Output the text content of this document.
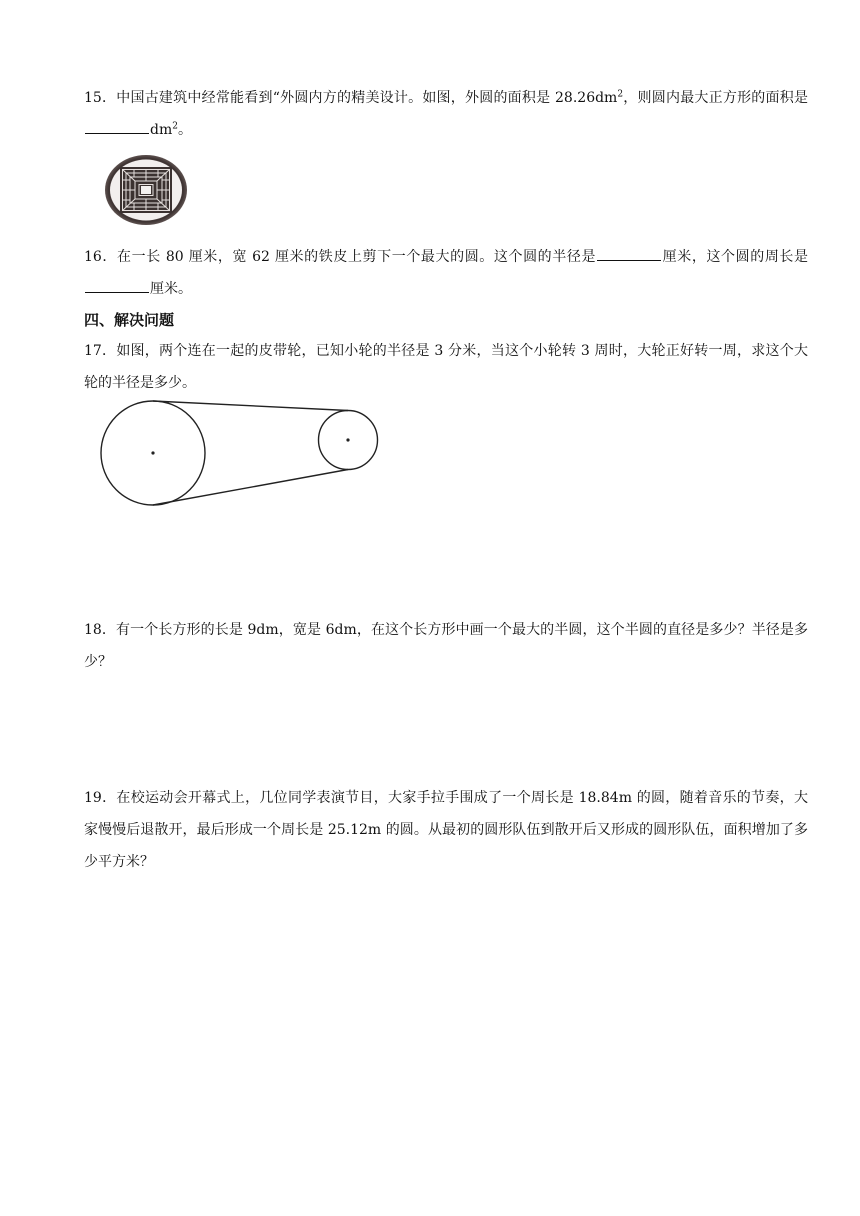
15．中国古建筑中经常能看到“外圆内方的精美设计。如图，外圆的面积是 $28.26dm^2$，则圆内最大正方形的面积是$dm^2$。
16．在一长 80 厘米，宽 62 厘米的铁皮上剪下一个最大的圆。这个圆的半径是	厘米，这个圆的周长是厘米。
四、解决问题
17．如图，两个连在一起的皮带轮，已知小轮的半径是 3 分米，当这个小轮转 3 周时，大轮正好转一周，求这个大轮的半径是多少。
18．有一个长方形的长是 9dm，宽是 6dm，在这个长方形中画一个最大的半圆，这个半圆的直径是多少？半径是多少？
19．在校运动会开幕式上，几位同学表演节目，大家手拉手围成了一个周长是 18.84m 的圆，随着音乐的节奏，大家慢慢后退散开，最后形成一个周长是 25.12m 的圆。从最初的圆形队伍到散开后又形成的圆形队伍，面积增加了多少平方米？
